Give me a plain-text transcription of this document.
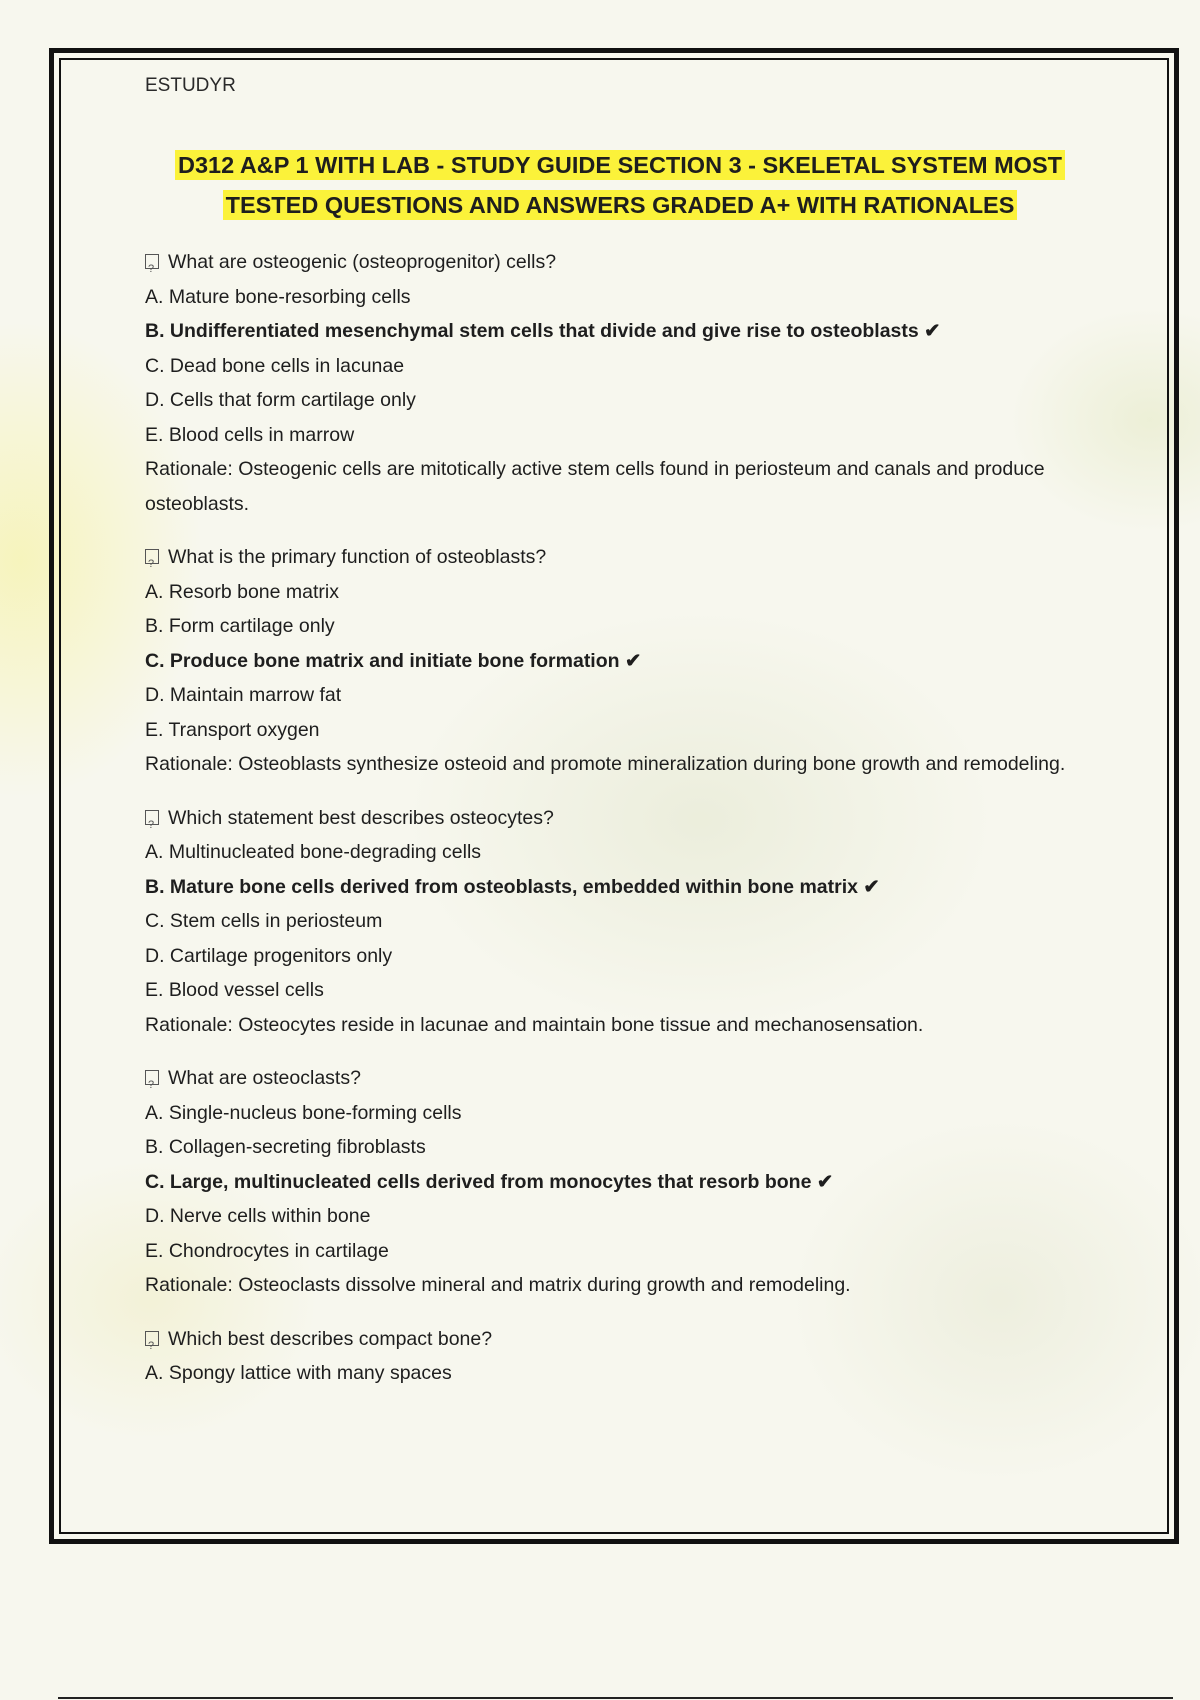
ESTUDYR
D312 A&P 1 WITH LAB - STUDY GUIDE SECTION 3 - SKELETAL SYSTEM MOST
TESTED QUESTIONS AND ANSWERS GRADED A+ WITH RATIONALES
?What are osteogenic (osteoprogenitor) cells?
A. Mature bone-resorbing cells
B. Undifferentiated mesenchymal stem cells that divide and give rise to osteoblasts ✔
C. Dead bone cells in lacunae
D. Cells that form cartilage only
E. Blood cells in marrow
Rationale: Osteogenic cells are mitotically active stem cells found in periosteum and canals and produce osteoblasts.
?What is the primary function of osteoblasts?
A. Resorb bone matrix
B. Form cartilage only
C. Produce bone matrix and initiate bone formation ✔
D. Maintain marrow fat
E. Transport oxygen
Rationale: Osteoblasts synthesize osteoid and promote mineralization during bone growth and remodeling.
?Which statement best describes osteocytes?
A. Multinucleated bone-degrading cells
B. Mature bone cells derived from osteoblasts, embedded within bone matrix ✔
C. Stem cells in periosteum
D. Cartilage progenitors only
E. Blood vessel cells
Rationale: Osteocytes reside in lacunae and maintain bone tissue and mechanosensation.
?What are osteoclasts?
A. Single-nucleus bone-forming cells
B. Collagen-secreting fibroblasts
C. Large, multinucleated cells derived from monocytes that resorb bone ✔
D. Nerve cells within bone
E. Chondrocytes in cartilage
Rationale: Osteoclasts dissolve mineral and matrix during growth and remodeling.
?Which best describes compact bone?
A. Spongy lattice with many spaces
